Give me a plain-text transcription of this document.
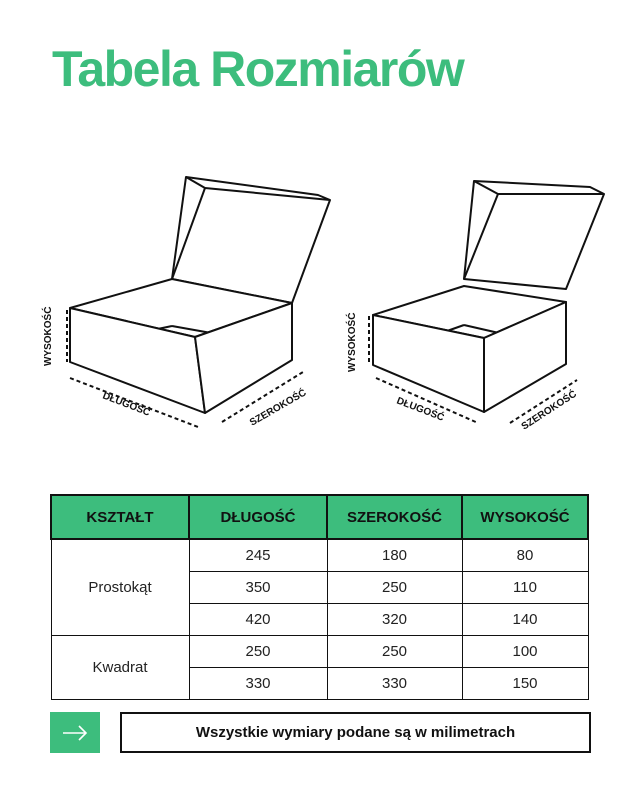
Tabela Rozmiarów
WYSOKOŚĆ
DŁUGOŚĆ	SZEROKOŚĆ
WYSOKOŚĆ
DŁUGOŚĆ	SZEROKOŚĆ
KSZTAŁT	DŁUGOŚĆ	SZEROKOŚĆ	WYSOKOŚĆ
Prostokąt	245	180	80
	350	250	110
	420	320	140
Kwadrat	250	250	100
	330	330	150
Wszystkie wymiary podane są w milimetrach
